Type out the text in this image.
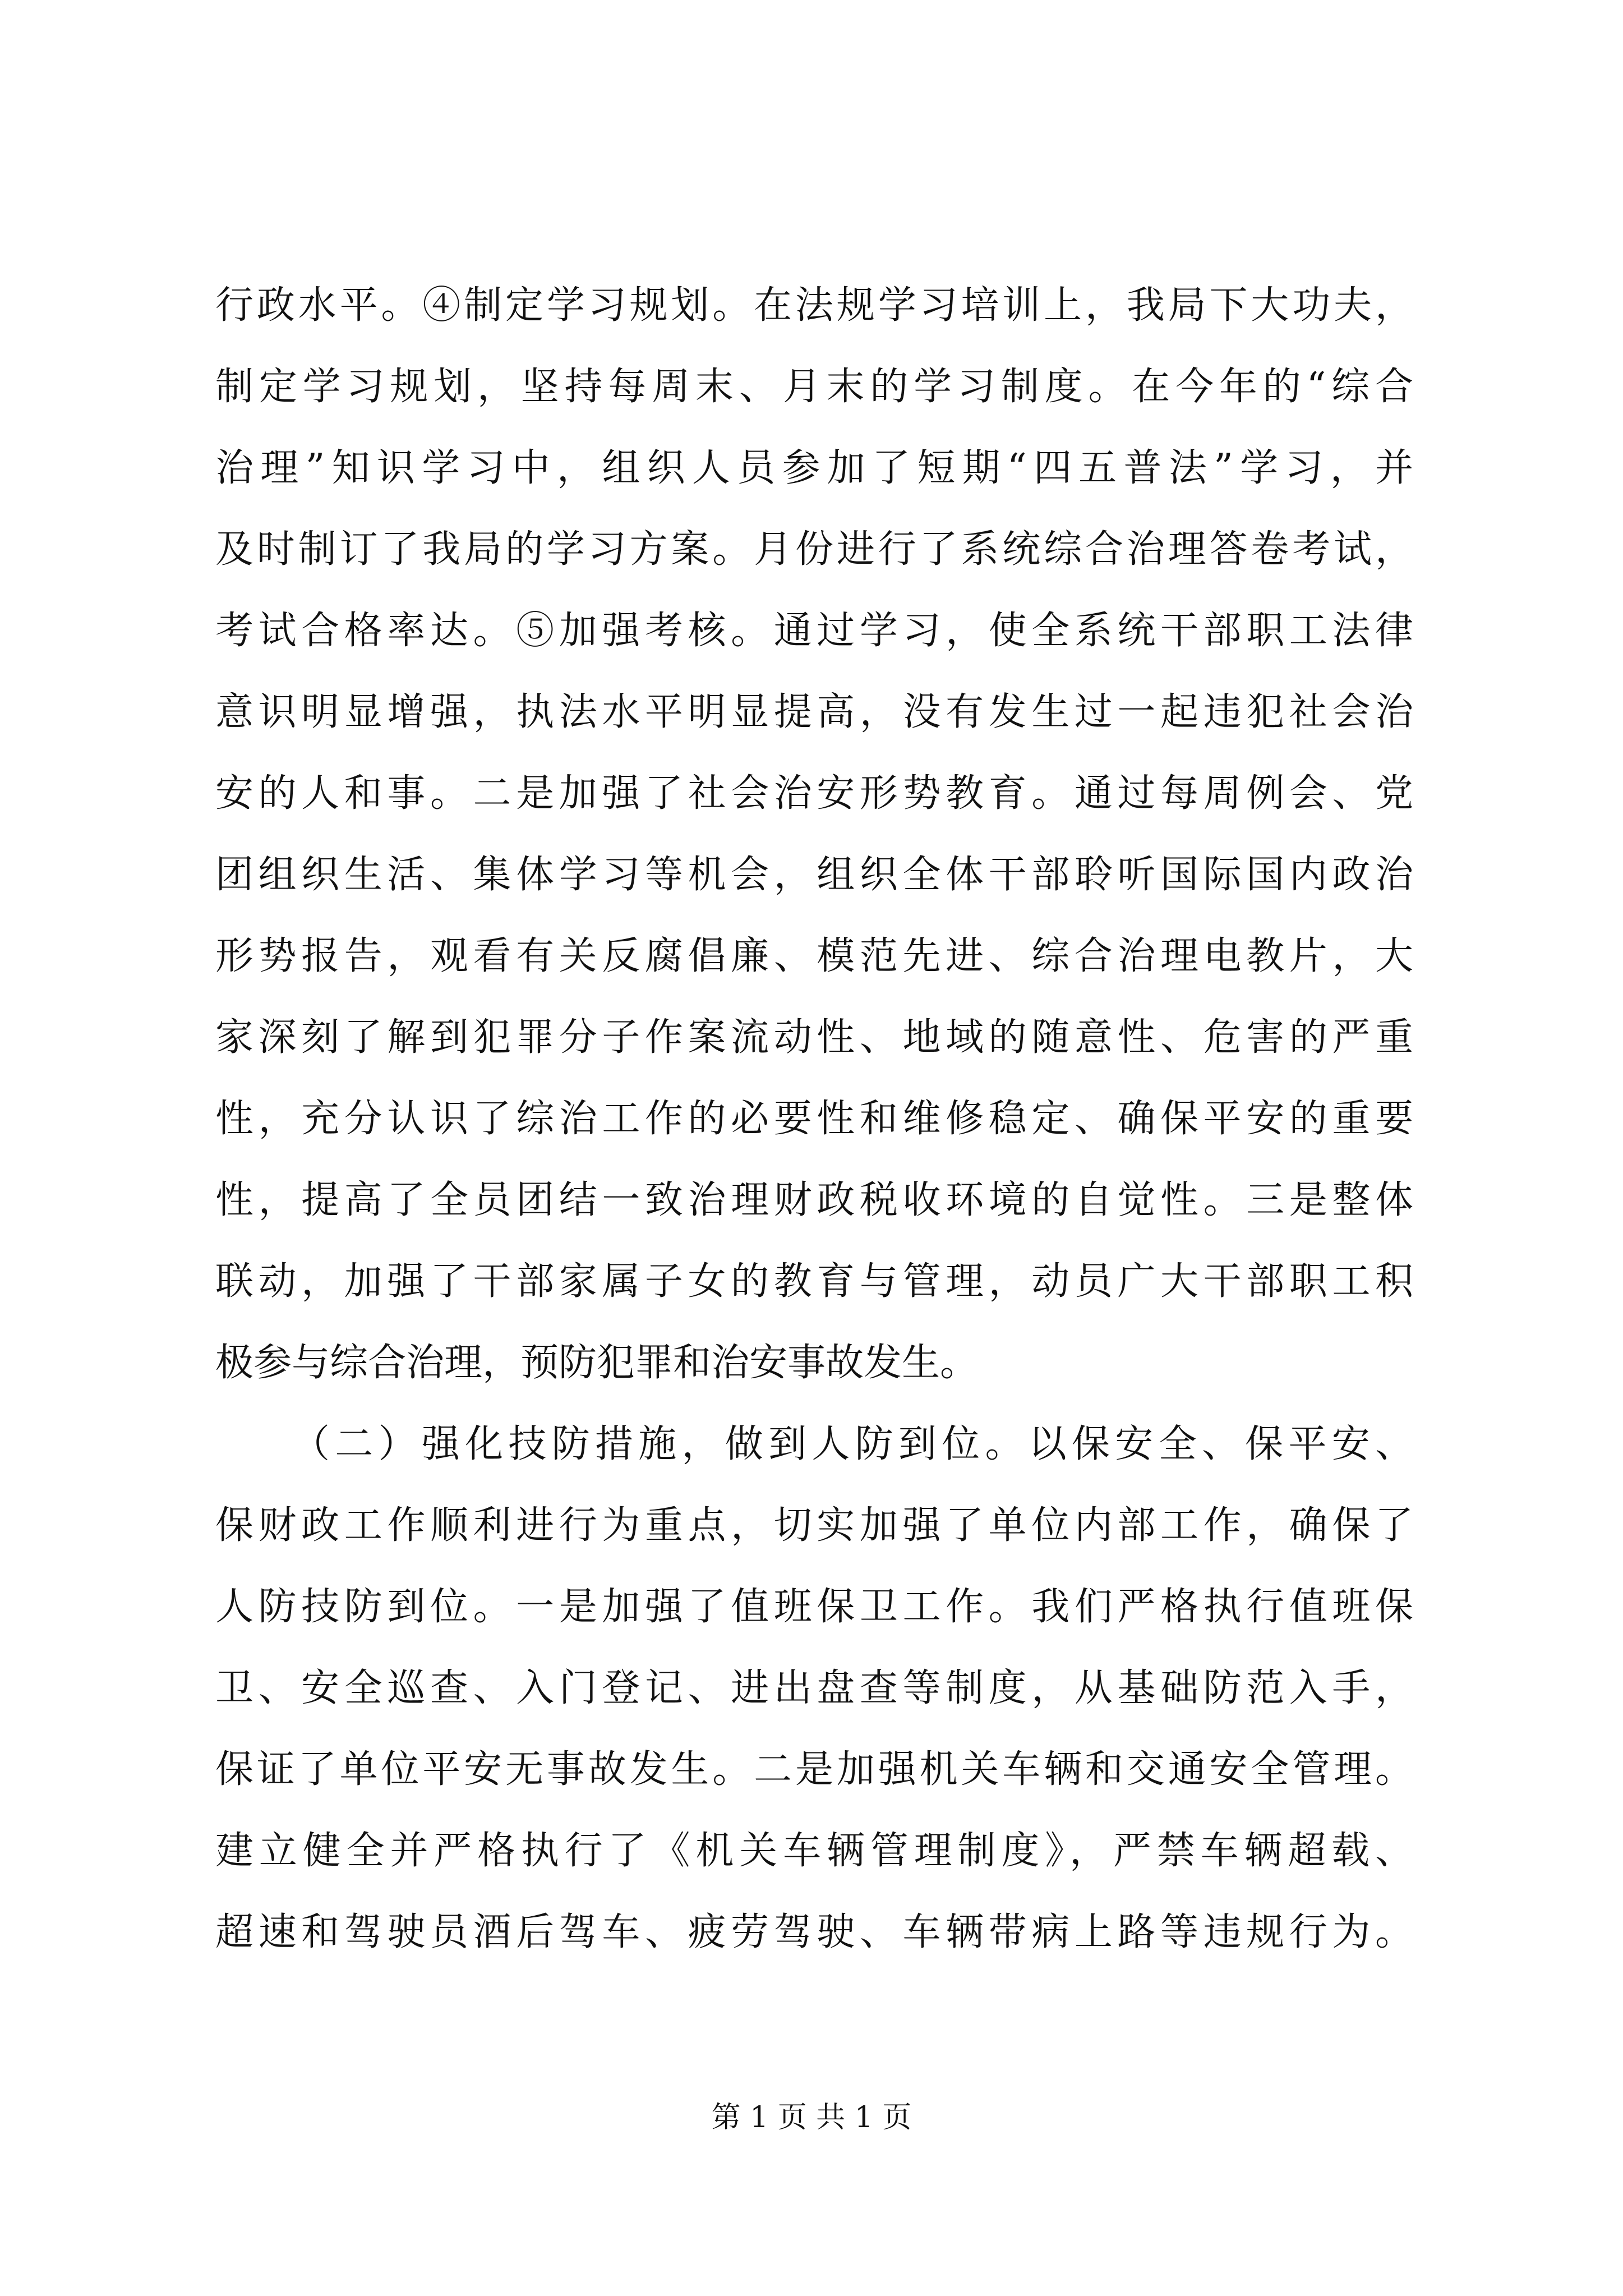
行政水平。④制定学习规划。在法规学习培训上，我局下大功夫，
制定学习规划，坚持每周末、月末的学习制度。在今年的“综合
治理”知识学习中，组织人员参加了短期“四五普法”学习，并
及时制订了我局的学习方案。月份进行了系统综合治理答卷考试，
考试合格率达。⑤加强考核。通过学习，使全系统干部职工法律
意识明显增强，执法水平明显提高，没有发生过一起违犯社会治
安的人和事。二是加强了社会治安形势教育。通过每周例会、党
团组织生活、集体学习等机会，组织全体干部聆听国际国内政治
形势报告，观看有关反腐倡廉、模范先进、综合治理电教片，大
家深刻了解到犯罪分子作案流动性、地域的随意性、危害的严重
性，充分认识了综治工作的必要性和维修稳定、确保平安的重要
性，提高了全员团结一致治理财政税收环境的自觉性。三是整体
联动，加强了干部家属子女的教育与管理，动员广大干部职工积
极参与综合治理，预防犯罪和治安事故发生。
（二）强化技防措施，做到人防到位。以保安全、保平安、
保财政工作顺利进行为重点，切实加强了单位内部工作，确保了
人防技防到位。一是加强了值班保卫工作。我们严格执行值班保
卫、安全巡查、入门登记、进出盘查等制度，从基础防范入手，
保证了单位平安无事故发生。二是加强机关车辆和交通安全管理。
建立健全并严格执行了《机关车辆管理制度》，严禁车辆超载、
超速和驾驶员酒后驾车、疲劳驾驶、车辆带病上路等违规行为。
第 1 页 共 1 页
